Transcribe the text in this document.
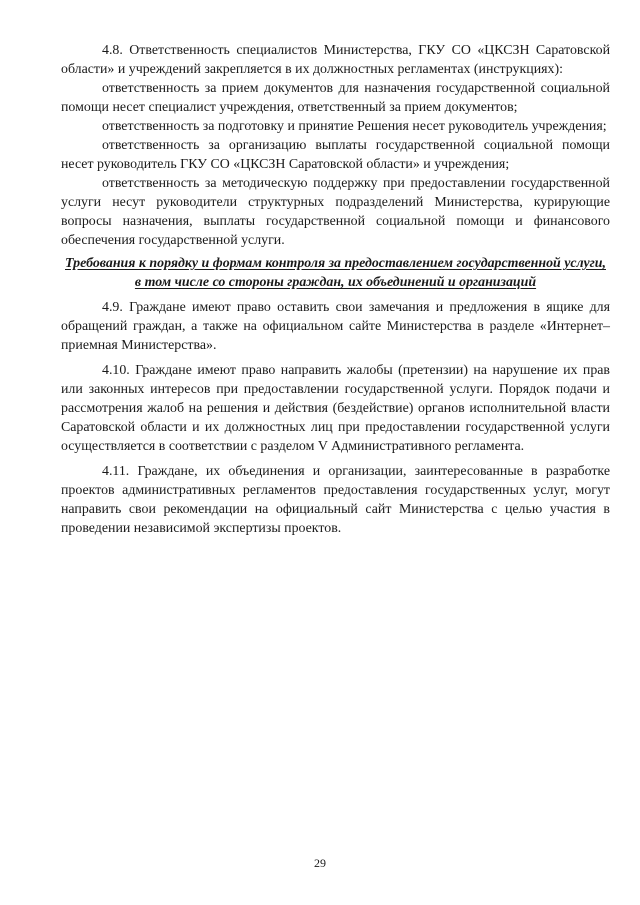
4.8. Ответственность специалистов Министерства, ГКУ СО «ЦКСЗН Саратовской области» и учреждений закрепляется в их должностных регламентах (инструкциях):

ответственность за прием документов для назначения государственной социальной помощи несет специалист учреждения, ответственный за прием документов;

ответственность за подготовку и принятие Решения несет руководитель учреждения;

ответственность за организацию выплаты государственной социальной помощи несет руководитель ГКУ СО «ЦКСЗН Саратовской области» и учреждения;

ответственность за методическую поддержку при предоставлении государственной услуги несут руководители структурных подразделений Министерства, курирующие вопросы назначения, выплаты государственной социальной помощи и финансового обеспечения государственной услуги.

Требования к порядку и формам контроля за предоставлением государственной услуги, в том числе со стороны граждан, их объединений и организаций

4.9. Граждане имеют право оставить свои замечания и предложения в ящике для обращений граждан, а также на официальном сайте Министерства в разделе «Интернет–приемная Министерства».

4.10. Граждане имеют право направить жалобы (претензии) на нарушение их прав или законных интересов при предоставлении государственной услуги. Порядок подачи и рассмотрения жалоб на решения и действия (бездействие) органов исполнительной власти Саратовской области и их должностных лиц при предоставлении государственной услуги осуществляется в соответствии с разделом V Административного регламента.

4.11. Граждане, их объединения и организации, заинтересованные в разработке проектов административных регламентов предоставления государственных услуг, могут направить свои рекомендации на официальный сайт Министерства с целью участия в проведении независимой экспертизы проектов.

29
